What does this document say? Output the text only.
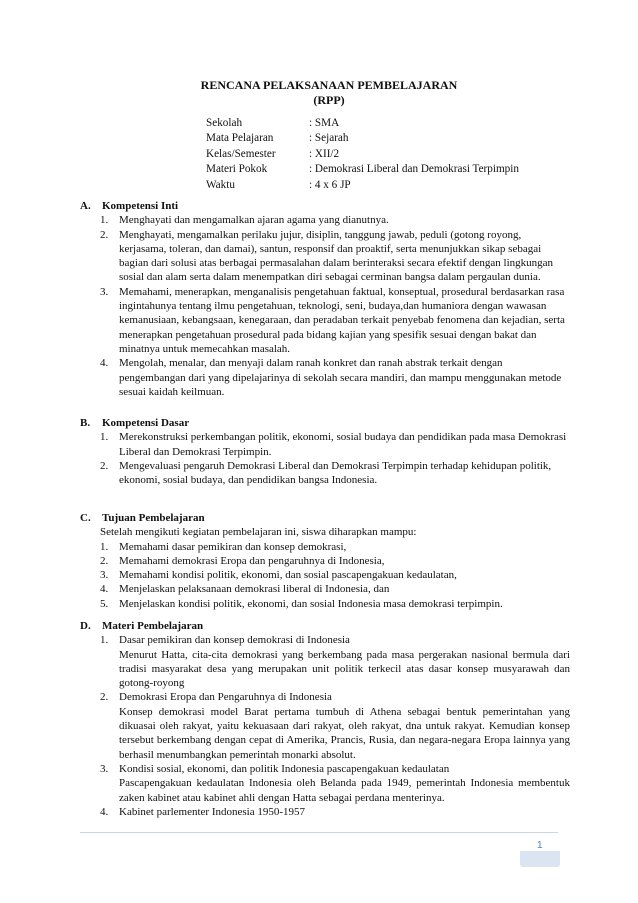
RENCANA PELAKSANAAN PEMBELAJARAN
(RPP)
Sekolah	: SMA
Mata Pelajaran	: Sejarah
Kelas/Semester	: XII/2
Materi Pokok	: Demokrasi Liberal dan Demokrasi Terpimpin
Waktu	: 4 x 6 JP
A.	Kompetensi Inti
1. Menghayati dan mengamalkan ajaran agama yang dianutnya.
2. Menghayati, mengamalkan perilaku jujur, disiplin, tanggung jawab, peduli (gotong royong, kerjasama, toleran, dan damai), santun, responsif dan proaktif, serta menunjukkan sikap sebagai bagian dari solusi atas berbagai permasalahan dalam berinteraksi secara efektif dengan lingkungan sosial dan alam serta dalam menempatkan diri sebagai cerminan bangsa dalam pergaulan dunia.
3. Memahami, menerapkan, menganalisis pengetahuan faktual, konseptual, prosedural berdasarkan rasa ingintahunya tentang ilmu pengetahuan, teknologi, seni, budaya,dan humaniora dengan wawasan kemanusiaan, kebangsaan, kenegaraan, dan peradaban terkait penyebab fenomena dan kejadian, serta menerapkan pengetahuan prosedural pada bidang kajian yang spesifik sesuai dengan bakat dan minatnya untuk memecahkan masalah.
4. Mengolah, menalar, dan menyaji dalam ranah konkret dan ranah abstrak terkait dengan pengembangan dari yang dipelajarinya di sekolah secara mandiri, dan mampu menggunakan metode sesuai kaidah keilmuan.
B.	Kompetensi Dasar
1. Merekonstruksi perkembangan politik, ekonomi, sosial budaya dan pendidikan pada masa Demokrasi Liberal dan Demokrasi Terpimpin.
2. Mengevaluasi pengaruh Demokrasi Liberal dan Demokrasi Terpimpin terhadap kehidupan politik, ekonomi, sosial budaya, dan pendidikan bangsa Indonesia.
C.	Tujuan Pembelajaran
Setelah mengikuti kegiatan pembelajaran ini, siswa diharapkan mampu:
1. Memahami dasar pemikiran dan konsep demokrasi,
2. Memahami demokrasi Eropa dan pengaruhnya di Indonesia,
3. Memahami kondisi politik, ekonomi, dan sosial pascapengakuan kedaulatan,
4. Menjelaskan pelaksanaan demokrasi liberal di Indonesia, dan
5. Menjelaskan kondisi politik, ekonomi, dan sosial Indonesia masa demokrasi terpimpin.
D.	Materi Pembelajaran
1. Dasar pemikiran dan konsep demokrasi di Indonesia
Menurut Hatta, cita-cita demokrasi yang berkembang pada masa pergerakan nasional bermula dari tradisi masyarakat desa yang merupakan unit politik terkecil atas dasar konsep musyarawah dan gotong-royong
2. Demokrasi Eropa dan Pengaruhnya di Indonesia
Konsep demokrasi model Barat pertama tumbuh di Athena sebagai bentuk pemerintahan yang dikuasai oleh rakyat, yaitu kekuasaan dari rakyat, oleh rakyat, dna untuk rakyat. Kemudian konsep tersebut berkembang dengan cepat di Amerika, Prancis, Rusia, dan negara-negara Eropa lainnya yang berhasil menumbangkan pemerintah monarki absolut.
3. Kondisi sosial, ekonomi, dan politik Indonesia pascapengakuan kedaulatan
Pascapengakuan kedaulatan Indonesia oleh Belanda pada 1949, pemerintah Indonesia membentuk zaken kabinet atau kabinet ahli dengan Hatta sebagai perdana menterinya.
4. Kabinet parlementer Indonesia 1950-1957
1
